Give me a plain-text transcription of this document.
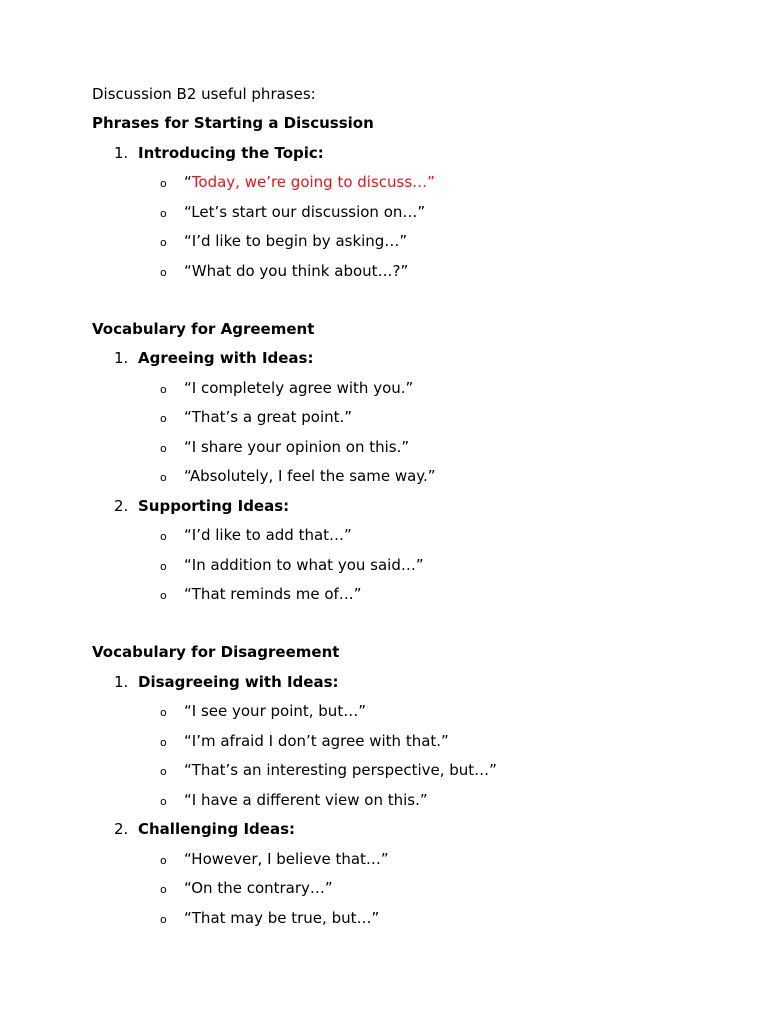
Discussion B2 useful phrases:
Phrases for Starting a Discussion
1. Introducing the Topic:
o “Today, we’re going to discuss…”
o “Let’s start our discussion on…”
o “I’d like to begin by asking…”
o “What do you think about…?”
Vocabulary for Agreement
1. Agreeing with Ideas:
o “I completely agree with you.”
o “That’s a great point.”
o “I share your opinion on this.”
o “Absolutely, I feel the same way.”
2. Supporting Ideas:
o “I’d like to add that…”
o “In addition to what you said…”
o “That reminds me of…”
Vocabulary for Disagreement
1. Disagreeing with Ideas:
o “I see your point, but…”
o “I’m afraid I don’t agree with that.”
o “That’s an interesting perspective, but…”
o “I have a different view on this.”
2. Challenging Ideas:
o “However, I believe that…”
o “On the contrary…”
o “That may be true, but…”
